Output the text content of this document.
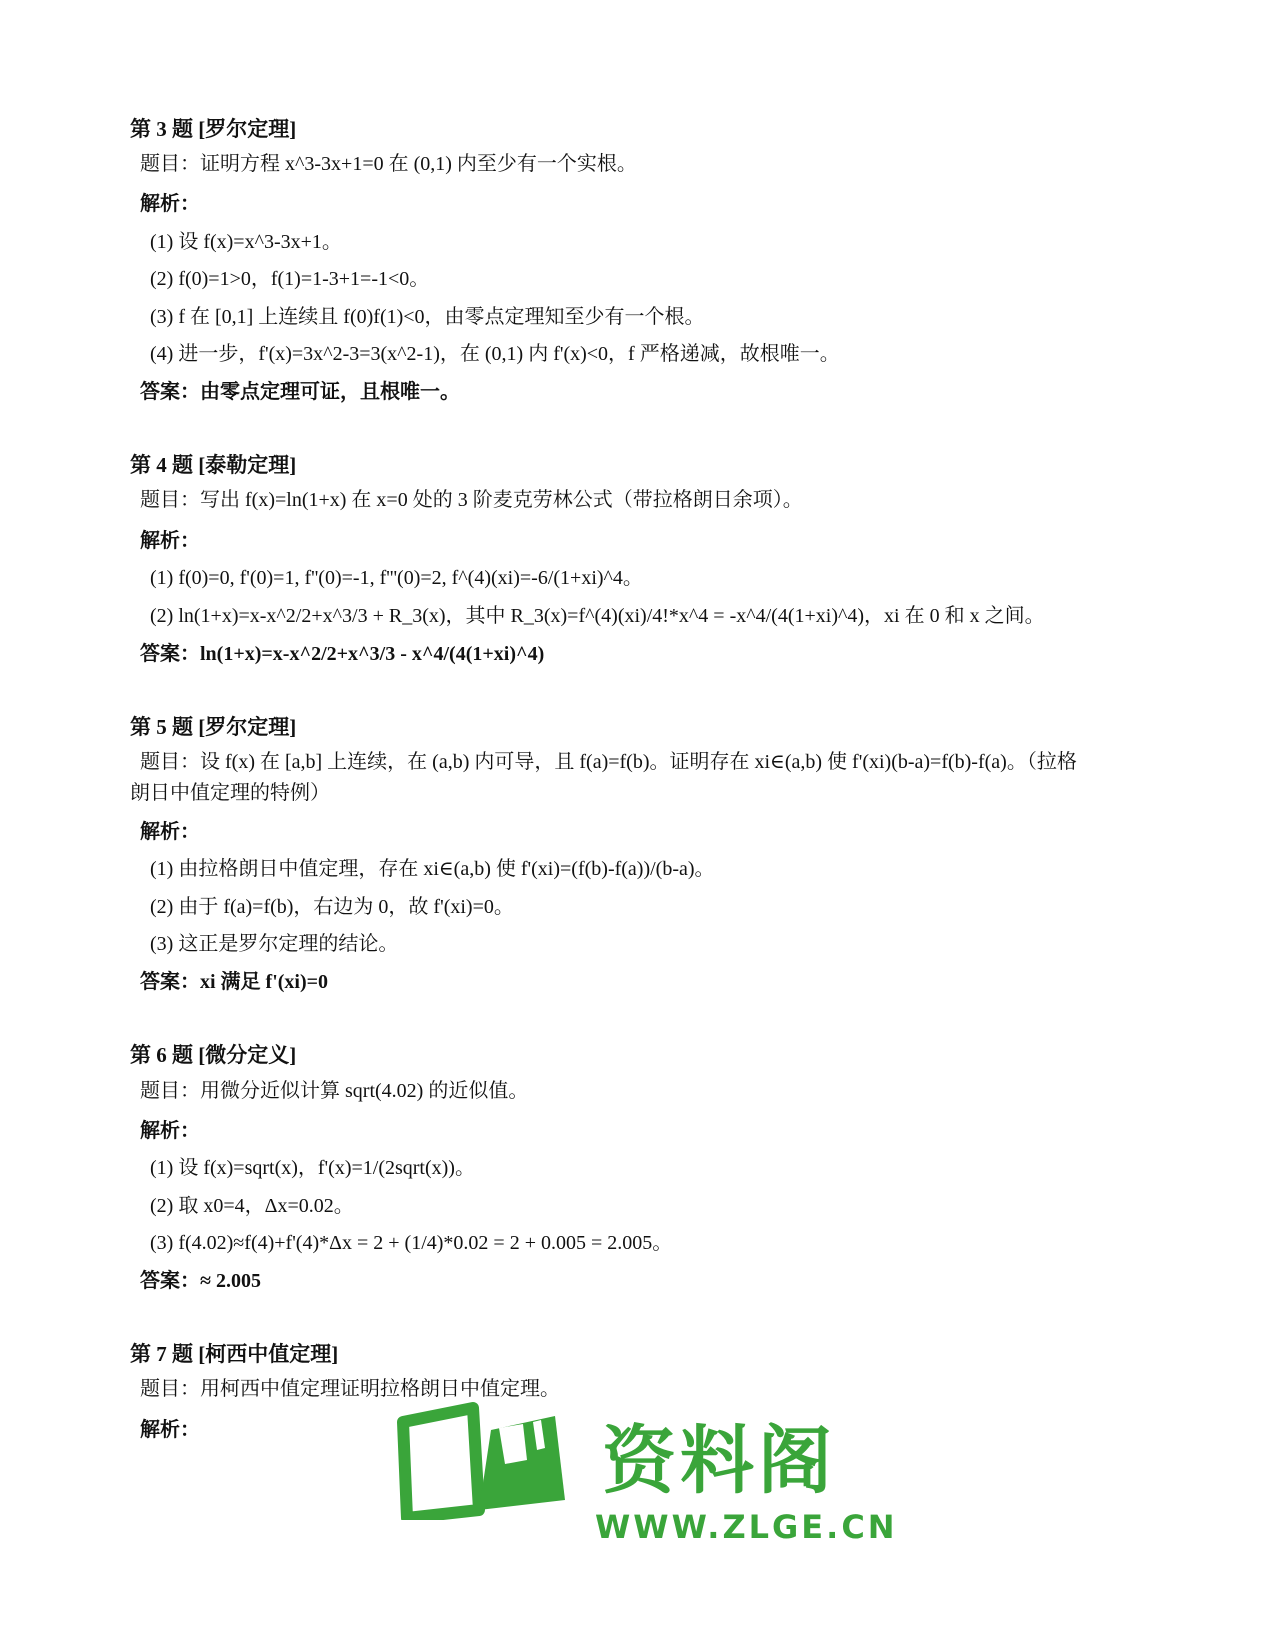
第 3 题 [罗尔定理]
题目：证明方程 x^3-3x+1=0 在 (0,1) 内至少有一个实根。
解析：
(1) 设 f(x)=x^3-3x+1。
(2) f(0)=1>0，f(1)=1-3+1=-1<0。
(3) f 在 [0,1] 上连续且 f(0)f(1)<0，由零点定理知至少有一个根。
(4) 进一步，f'(x)=3x^2-3=3(x^2-1)，在 (0,1) 内 f'(x)<0，f 严格递减，故根唯一。
答案：由零点定理可证，且根唯一。
第 4 题 [泰勒定理]
题目：写出 f(x)=ln(1+x) 在 x=0 处的 3 阶麦克劳林公式（带拉格朗日余项）。
解析：
(1) f(0)=0, f'(0)=1, f''(0)=-1, f'''(0)=2, f^(4)(xi)=-6/(1+xi)^4。
(2) ln(1+x)=x-x^2/2+x^3/3 + R_3(x)，其中 R_3(x)=f^(4)(xi)/4!*x^4 = -x^4/(4(1+xi)^4)，xi 在 0 和 x 之间。
答案：ln(1+x)=x-x^2/2+x^3/3 - x^4/(4(1+xi)^4)
第 5 题 [罗尔定理]
题目：设 f(x) 在 [a,b] 上连续，在 (a,b) 内可导，且 f(a)=f(b)。证明存在 xi∈(a,b) 使 f'(xi)(b-a)=f(b)-f(a)。（拉格朗日中值定理的特例）
解析：
(1) 由拉格朗日中值定理，存在 xi∈(a,b) 使 f'(xi)=(f(b)-f(a))/(b-a)。
(2) 由于 f(a)=f(b)，右边为 0，故 f'(xi)=0。
(3) 这正是罗尔定理的结论。
答案：xi 满足 f'(xi)=0
第 6 题 [微分定义]
题目：用微分近似计算 sqrt(4.02) 的近似值。
解析：
(1) 设 f(x)=sqrt(x)，f'(x)=1/(2sqrt(x))。
(2) 取 x0=4，Δx=0.02。
(3) f(4.02)≈f(4)+f'(4)*Δx = 2 + (1/4)*0.02 = 2 + 0.005 = 2.005。
答案：≈ 2.005
第 7 题 [柯西中值定理]
题目：用柯西中值定理证明拉格朗日中值定理。
解析：	资料阁
WWW.ZLGE.CN
